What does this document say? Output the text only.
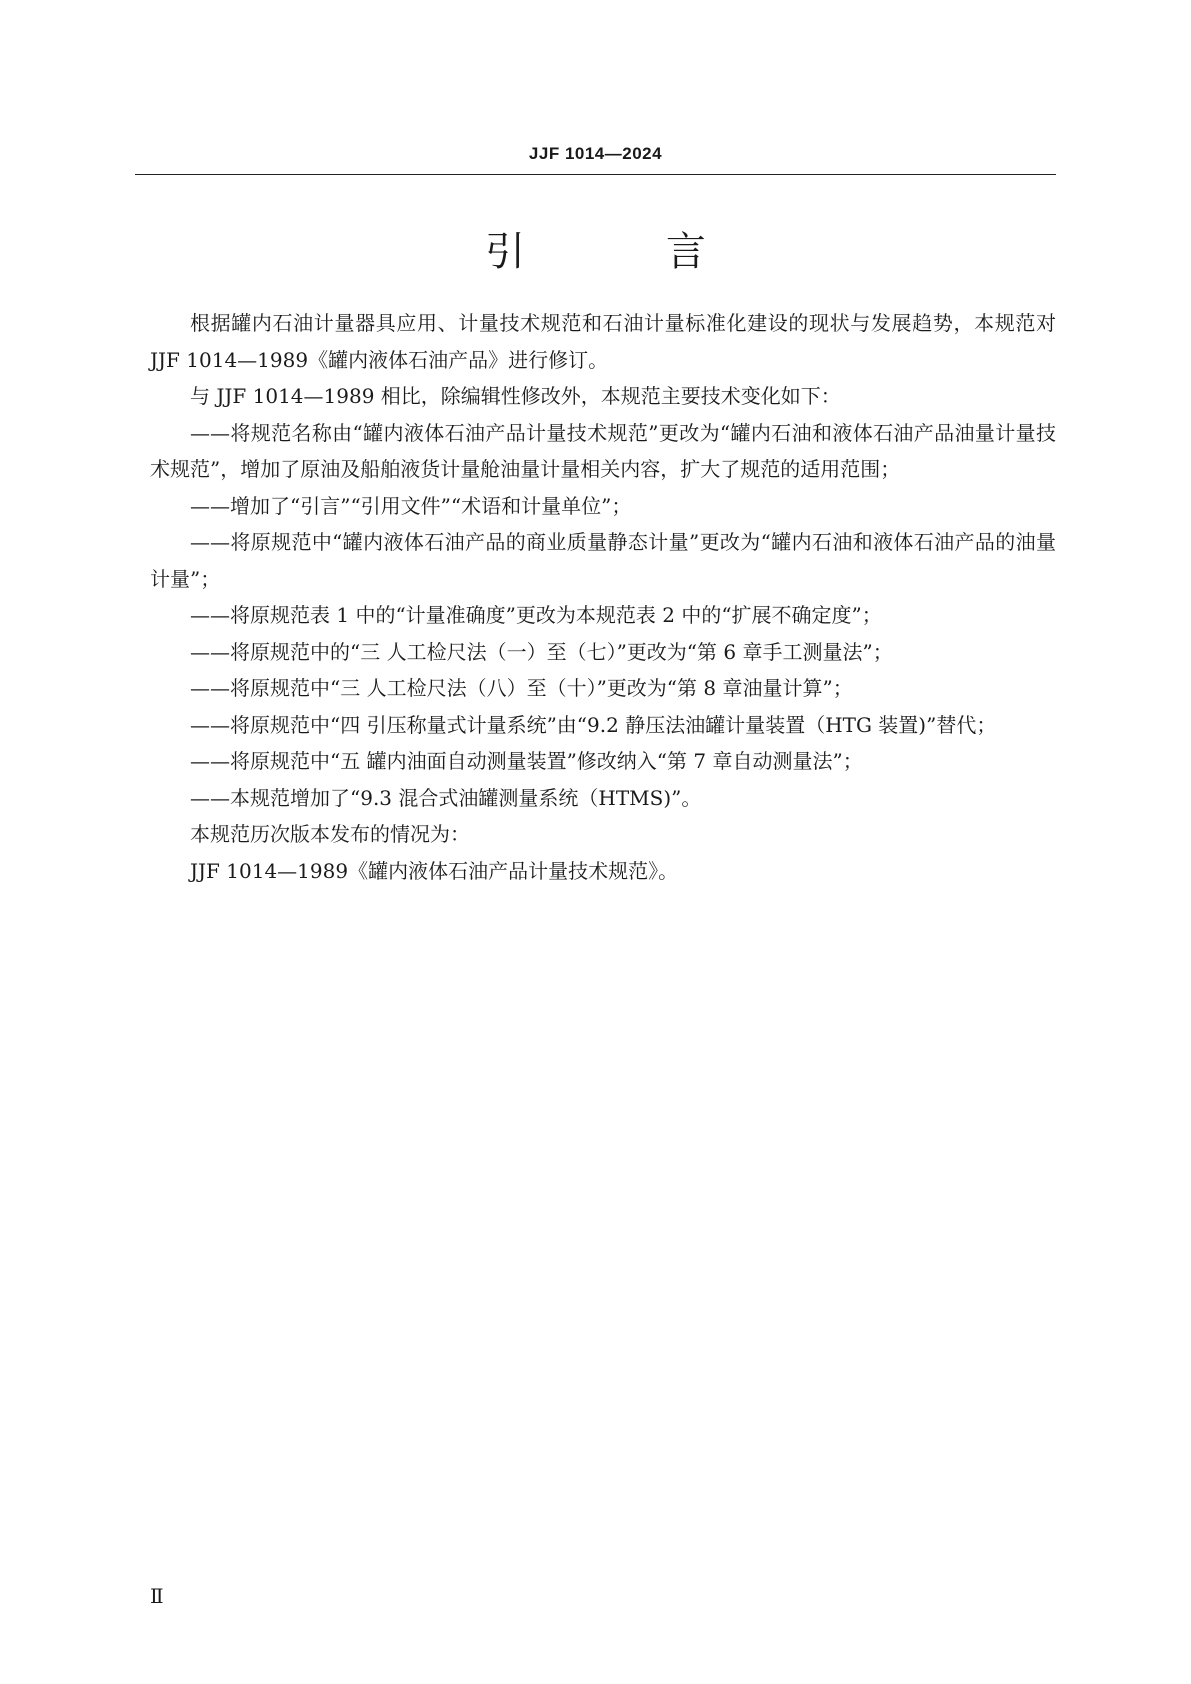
JJF 1014—2024
引 言

根据罐内石油计量器具应用、计量技术规范和石油计量标准化建设的现状与发展趋势，本规范对 JJF 1014—1989《罐内液体石油产品》进行修订。

与 JJF 1014—1989 相比，除编辑性修改外，本规范主要技术变化如下：

——将规范名称由“罐内液体石油产品计量技术规范”更改为“罐内石油和液体石油产品油量计量技术规范”，增加了原油及船舶液货计量舱油量计量相关内容，扩大了规范的适用范围；

——增加了“引言”“引用文件”“术语和计量单位”；

——将原规范中“罐内液体石油产品的商业质量静态计量”更改为“罐内石油和液体石油产品的油量计量”；

——将原规范表 1 中的“计量准确度”更改为本规范表 2 中的“扩展不确定度”；

——将原规范中的“三 人工检尺法（一）至（七）”更改为“第 6 章手工测量法”；

——将原规范中“三 人工检尺法（八）至（十）”更改为“第 8 章油量计算”；

——将原规范中“四 引压称量式计量系统”由“9.2 静压法油罐计量装置（HTG 装置)”替代；

——将原规范中“五 罐内油面自动测量装置”修改纳入“第 7 章自动测量法”；

——本规范增加了“9.3 混合式油罐测量系统（HTMS)”。

本规范历次版本发布的情况为：

JJF 1014—1989《罐内液体石油产品计量技术规范》。

Ⅱ
